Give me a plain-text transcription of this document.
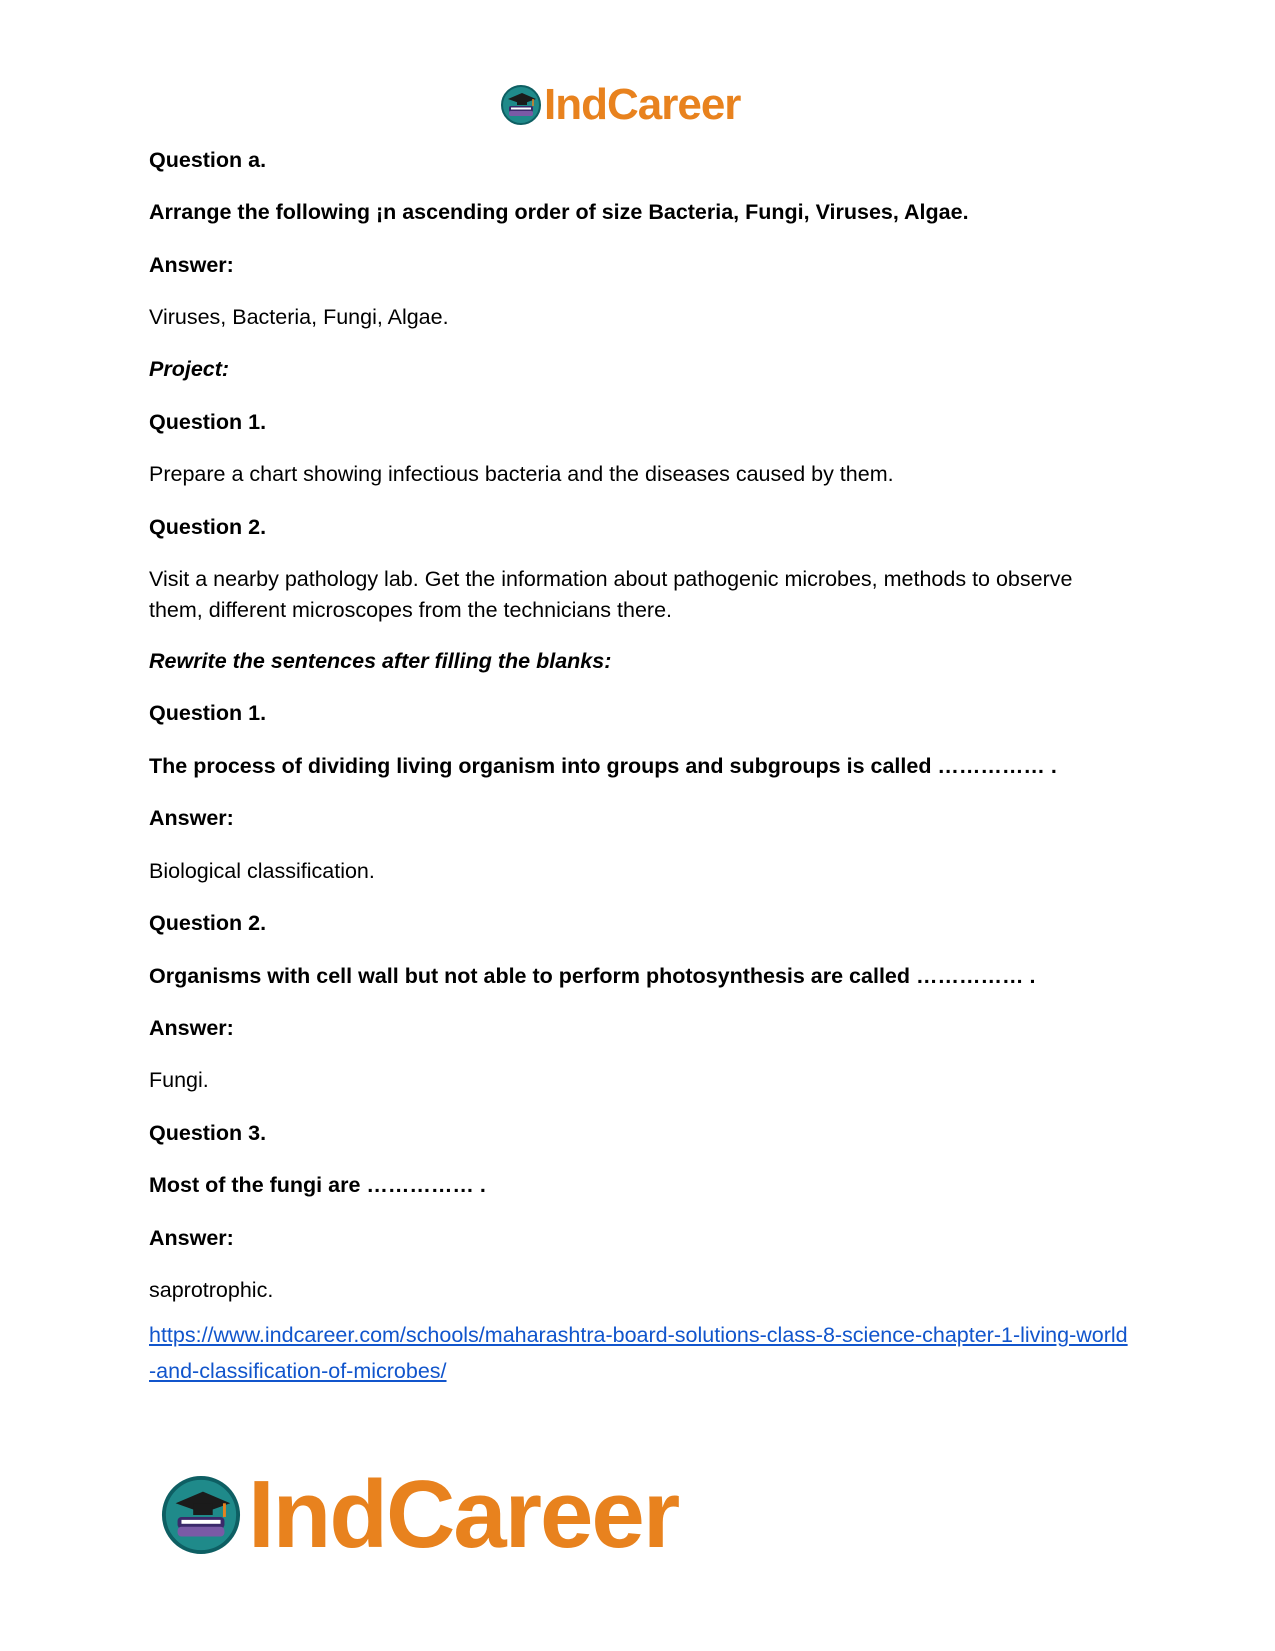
IndCareer

Question a.

Arrange the following ¡n ascending order of size Bacteria, Fungi, Viruses, Algae.

Answer:

Viruses, Bacteria, Fungi, Algae.

Project:

Question 1.

Prepare a chart showing infectious bacteria and the diseases caused by them.

Question 2.

Visit a nearby pathology lab. Get the information about pathogenic microbes, methods to observe them, different microscopes from the technicians there.

Rewrite the sentences after filling the blanks:

Question 1.

The process of dividing living organism into groups and subgroups is called …………… .

Answer:

Biological classification.

Question 2.

Organisms with cell wall but not able to perform photosynthesis are called …………… .

Answer:

Fungi.

Question 3.

Most of the fungi are …………… .

Answer:

saprotrophic.

https://www.indcareer.com/schools/maharashtra-board-solutions-class-8-science-chapter-1-living-world-and-classification-of-microbes/
IndCareer
